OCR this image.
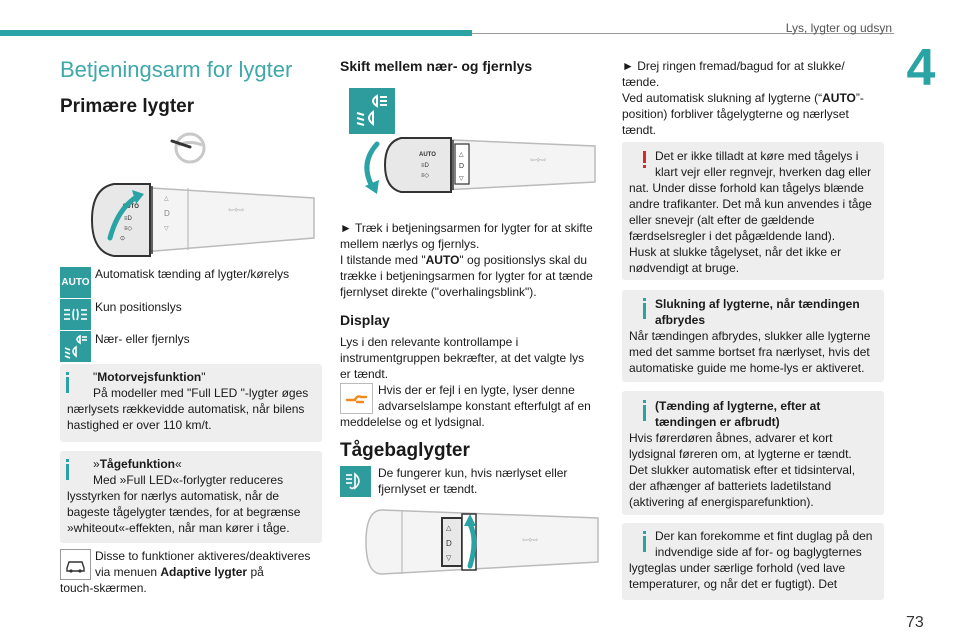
Lys, lygter og udsyn
4
Betjeningsarm for lygter
Primære lygter
AUTO
≡D
≡◇
⊙
△
D
▽
⇦⟡⇨
AUTO
Automatisk tænding af lygter/kørelys
Kun positionslys
Nær- eller fjernlys
"Motorvejsfunktion"
På modeller med "Full LED "-lygter øges
nærlysets rækkevidde automatisk, når bilens
hastighed er over 110 km/t.
»Tågefunktion«
Med »Full LED«-forlygter reduceres
lysstyrken for nærlys automatisk, når de
bageste tågelygter tændes, for at begrænse
»whiteout«-effekten, når man kører i tåge.
Disse to funktioner aktiveres/deaktiveres
via menuen Adaptive lygter på
touch-skærmen.
Skift mellem nær- og fjernlys
AUTO
≡D
≡◇
△
D
▽
⇦⟡⇨
► Træk i betjeningsarmen for lygter for at skifte
mellem nærlys og fjernlys.
I tilstande med "AUTO" og positionslys skal du
trække i betjeningsarmen for lygter for at tænde
fjernlyset direkte ("overhalingsblink").
Display
Lys i den relevante kontrollampe i
instrumentgruppen bekræfter, at det valgte lys
er tændt.
Hvis der er fejl i en lygte, lyser denne
advarselslampe konstant efterfulgt af en
meddelelse og et lydsignal.
Tågebaglygter
De fungerer kun, hvis nærlyset eller
fjernlyset er tændt.
△
D
▽
⇦⟡⇨
► Drej ringen fremad/bagud for at slukke/
tænde.
Ved automatisk slukning af lygterne (“AUTO”-
position) forbliver tågelygterne og nærlyset
tændt.
Det er ikke tilladt at køre med tågelys i
klart vejr eller regnvejr, hverken dag eller
nat. Under disse forhold kan tågelys blænde
andre trafikanter. Det må kun anvendes i tåge
eller snevejr (alt efter de gældende
færdselsregler i det pågældende land).
Husk at slukke tågelyset, når det ikke er
nødvendigt at bruge.
Slukning af lygterne, når tændingen
afbrydes
Når tændingen afbrydes, slukker alle lygterne
med det samme bortset fra nærlyset, hvis det
automatiske guide me home-lys er aktiveret.
(Tænding af lygterne, efter at
tændingen er afbrudt)
Hvis førerdøren åbnes, advarer et kort
lydsignal føreren om, at lygterne er tændt.
Det slukker automatisk efter et tidsinterval,
der afhænger af batteriets ladetilstand
(aktivering af energisparefunktion).
Der kan forekomme et fint duglag på den
indvendige side af for- og baglygternes
lygteglas under særlige forhold (ved lave
temperaturer, og når det er fugtigt). Det
73
